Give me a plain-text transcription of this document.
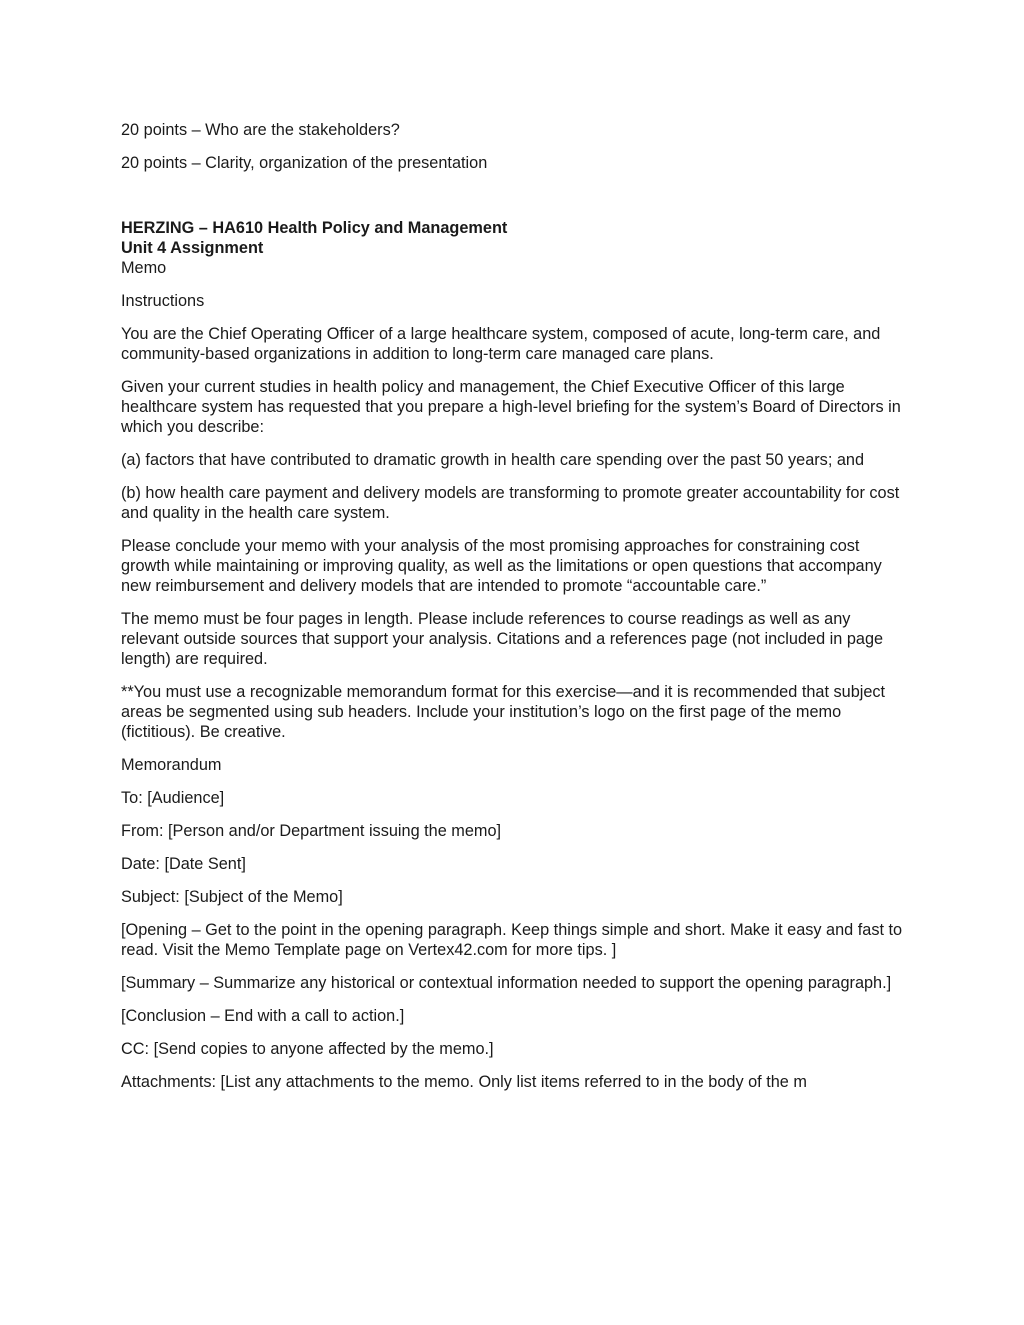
20 points – Who are the stakeholders?

20 points – Clarity, organization of the presentation

HERZING – HA610 Health Policy and Management
Unit 4 Assignment

Memo

Instructions

You are the Chief Operating Officer of a large healthcare system, composed of acute, long-term care, and community-based organizations in addition to long-term care managed care plans.

Given your current studies in health policy and management, the Chief Executive Officer of this large healthcare system has requested that you prepare a high-level briefing for the system’s Board of Directors in which you describe:

(a) factors that have contributed to dramatic growth in health care spending over the past 50 years; and

(b) how health care payment and delivery models are transforming to promote greater accountability for cost and quality in the health care system.

Please conclude your memo with your analysis of the most promising approaches for constraining cost growth while maintaining or improving quality, as well as the limitations or open questions that accompany new reimbursement and delivery models that are intended to promote “accountable care.”

The memo must be four pages in length. Please include references to course readings as well as any relevant outside sources that support your analysis. Citations and a references page (not included in page length) are required.

**You must use a recognizable memorandum format for this exercise—and it is recommended that subject areas be segmented using sub headers. Include your institution’s logo on the first page of the memo (fictitious). Be creative.

Memorandum

To: [Audience]

From: [Person and/or Department issuing the memo]

Date: [Date Sent]

Subject: [Subject of the Memo]

[Opening – Get to the point in the opening paragraph. Keep things simple and short. Make it easy and fast to read. Visit the Memo Template page on Vertex42.com for more tips. ]

[Summary – Summarize any historical or contextual information needed to support the opening paragraph.]

[Conclusion – End with a call to action.]

CC: [Send copies to anyone affected by the memo.]

Attachments: [List any attachments to the memo. Only list items referred to in the body of the m
